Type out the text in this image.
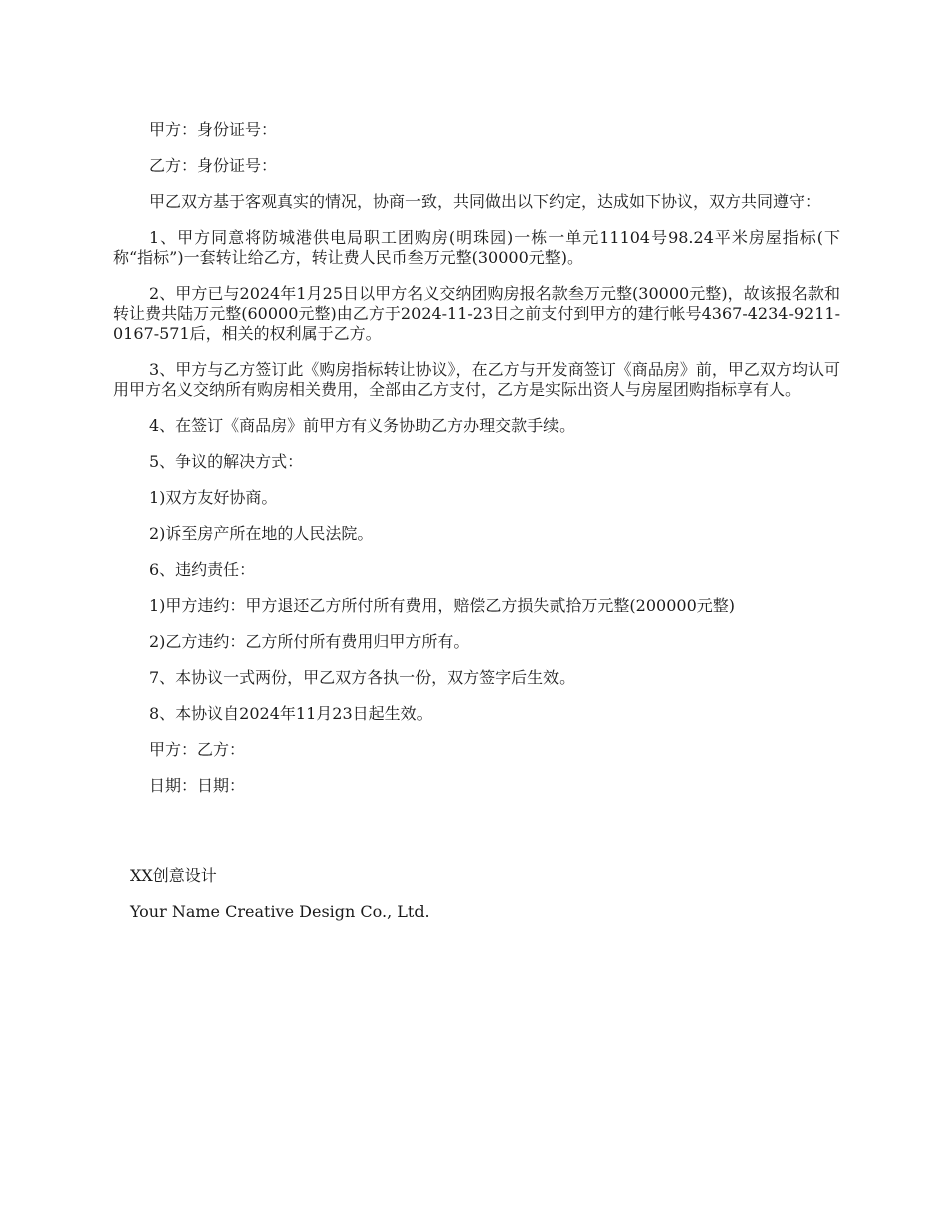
甲方：身份证号：

乙方：身份证号：

甲乙双方基于客观真实的情况，协商一致，共同做出以下约定，达成如下协议，双方共同遵守：

1、甲方同意将防城港供电局职工团购房(明珠园)一栋一单元11104号98.24平米房屋指标(下称“指标”)一套转让给乙方，转让费人民币叁万元整(30000元整)。

2、甲方已与2024年1月25日以甲方名义交纳团购房报名款叁万元整(30000元整)，故该报名款和转让费共陆万元整(60000元整)由乙方于2024-11-23日之前支付到甲方的建行帐号4367-4234-9211-0167-571后，相关的权利属于乙方。

3、甲方与乙方签订此《购房指标转让协议》，在乙方与开发商签订《商品房》前，甲乙双方均认可用甲方名义交纳所有购房相关费用，全部由乙方支付，乙方是实际出资人与房屋团购指标享有人。

4、在签订《商品房》前甲方有义务协助乙方办理交款手续。

5、争议的解决方式：

1)双方友好协商。

2)诉至房产所在地的人民法院。

6、违约责任：

1)甲方违约：甲方退还乙方所付所有费用，赔偿乙方损失贰拾万元整(200000元整)

2)乙方违约：乙方所付所有费用归甲方所有。

7、本协议一式两份，甲乙双方各执一份，双方签字后生效。

8、本协议自2024年11月23日起生效。

甲方：乙方：

日期：日期：

XX创意设计

Your Name Creative Design Co., Ltd.
